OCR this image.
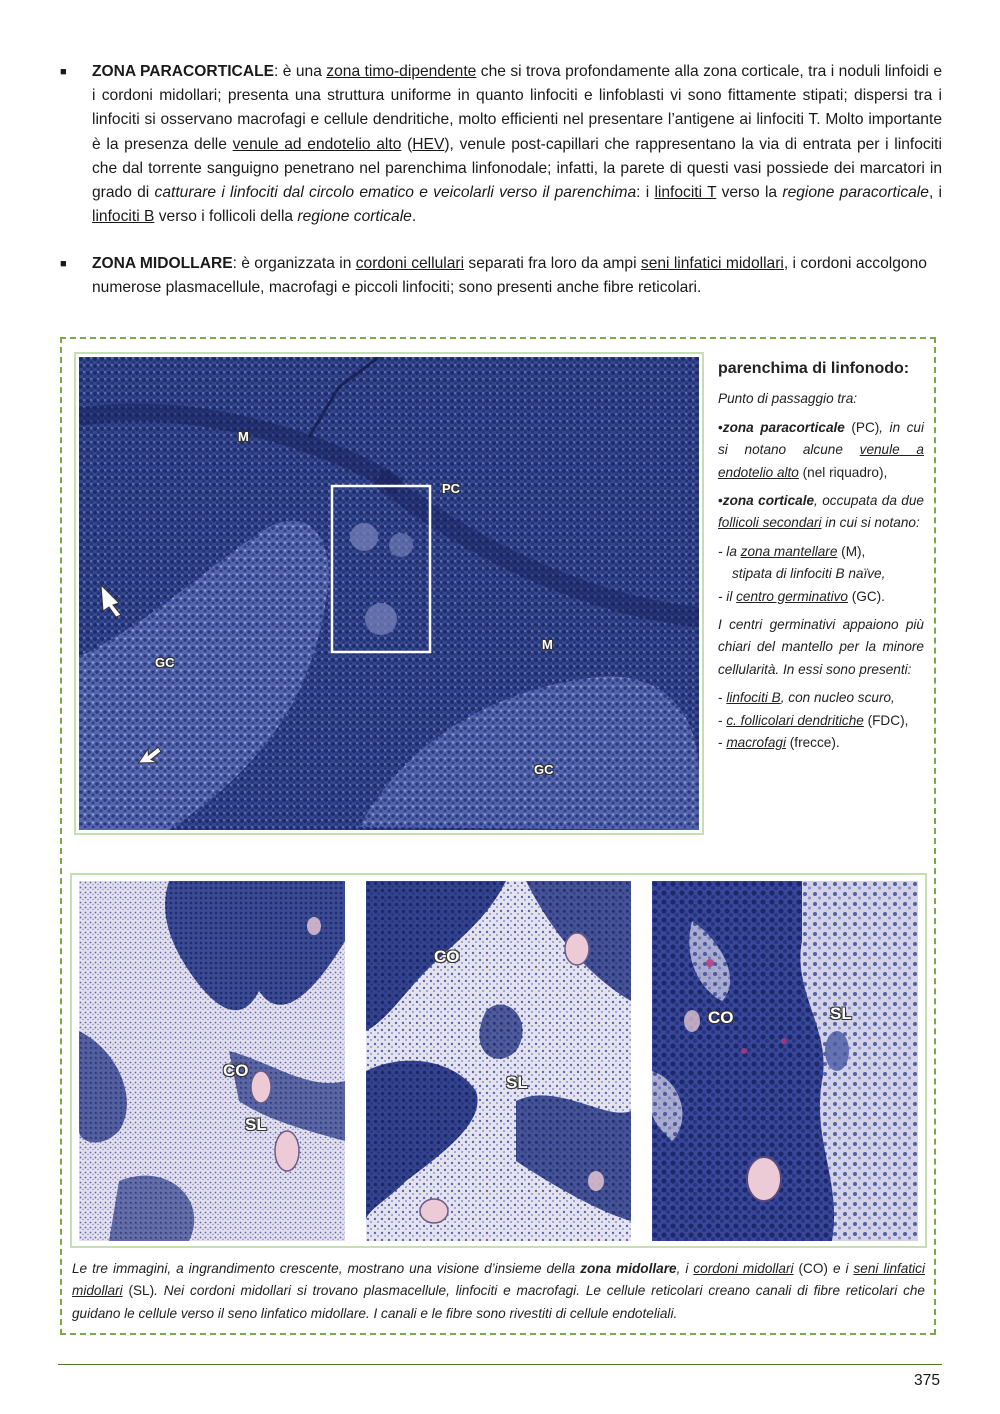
■ ZONA PARACORTICALE: è una zona timo-dipendente che si trova profondamente alla zona corticale, tra i noduli linfoidi e i cordoni midollari; presenta una struttura uniforme in quanto linfociti e linfoblasti vi sono fittamente stipati; dispersi tra i linfociti si osservano macrofagi e cellule dendritiche, molto efficienti nel presentare l’antigene ai linfociti T. Molto importante è la presenza delle venule ad endotelio alto (HEV), venule post-capillari che rappresentano la via di entrata per i linfociti che dal torrente sanguigno penetrano nel parenchima linfonodale; infatti, la parete di questi vasi possiede dei marcatori in grado di catturare i linfociti dal circolo ematico e veicolarli verso il parenchima: i linfociti T verso la regione paracorticale, i linfociti B verso i follicoli della regione corticale.
■ ZONA MIDOLLARE: è organizzata in cordoni cellulari separati fra loro da ampi seni linfatici midollari, i cordoni accolgono numerose plasmacellule, macrofagi e piccoli linfociti; sono presenti anche fibre reticolari.
M
PC
M
GC
GC

parenchima di linfonodo:

Punto di passaggio tra:

•zona paracorticale (PC), in cui si notano alcune venule a endotelio alto (nel riquadro),

•zona corticale, occupata da due follicoli secondari in cui si notano:

- la zona mantellare (M),
stipata di linfociti B naïve,

- il centro germinativo (GC).

I centri germinativi appaiono più chiari del mantello per la minore cellularità. In essi sono presenti:

- linfociti B, con nucleo scuro,
- c. follicolari dendritiche (FDC),
- macrofagi (frecce).

CO
SL
CO
SL
CO	SL
Le tre immagini, a ingrandimento crescente, mostrano una visione d’insieme della zona midollare, i cordoni midollari (CO) e i seni linfatici midollari (SL). Nei cordoni midollari si trovano plasmacellule, linfociti e macrofagi. Le cellule reticolari creano canali di fibre reticolari che guidano le cellule verso il seno linfatico midollare. I canali e le fibre sono rivestiti di cellule endoteliali.
375
